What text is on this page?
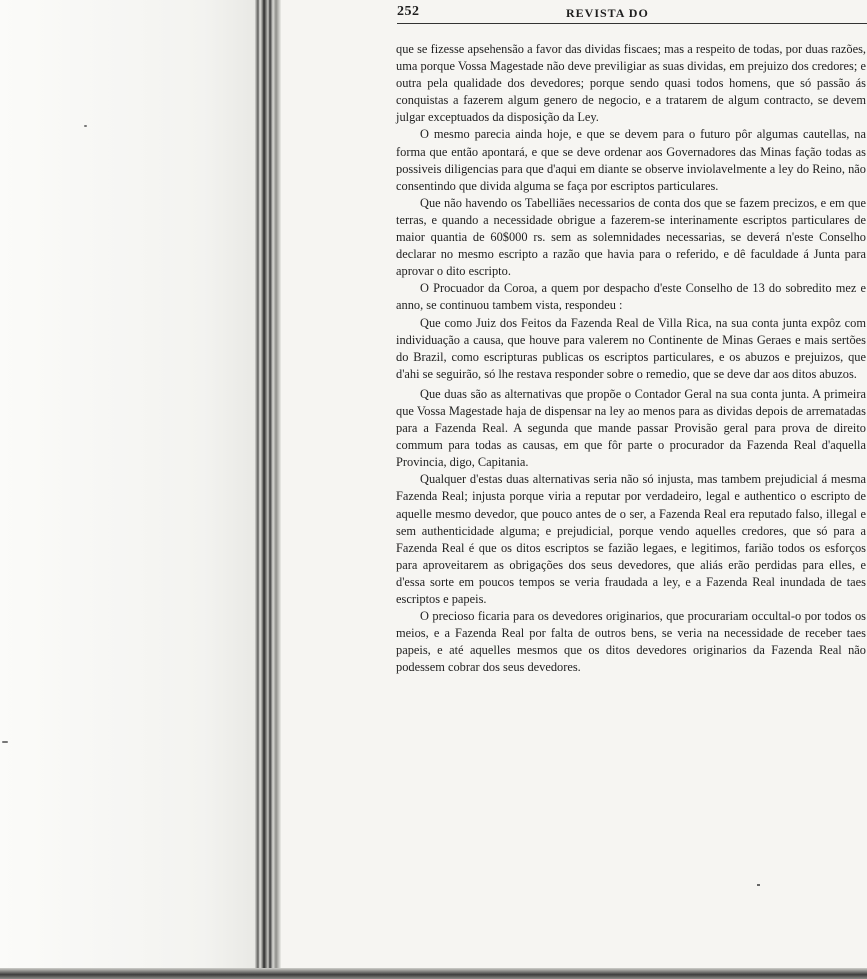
252	REVISTA DO

que se fizesse apsehensão a favor das dividas fiscaes; mas a respeito de todas, por duas razões, uma porque Vossa Magestade não deve previligiar as suas dividas, em prejuizo dos credores; e outra pela qualidade dos devedores; porque sendo quasi todos homens, que só passão ás conquistas a fazerem algum genero de negocio, e a tratarem de algum contracto, se devem julgar exceptuados da disposição da Ley.

O mesmo parecia ainda hoje, e que se devem para o futuro pôr algumas cautellas, na forma que então apontará, e que se deve ordenar aos Governadores das Minas fação todas as possiveis diligencias para que d'aqui em diante se observe inviolavelmente a ley do Reino, não consentindo que divida alguma se faça por escriptos particulares.

Que não havendo os Tabelliães necessarios de conta dos que se fazem precizos, e em que terras, e quando a necessidade obrigue a fazerem-se interinamente escriptos particulares de maior quantia de 60$000 rs. sem as solemnidades necessarias, se deverá n'este Conselho declarar no mesmo escripto a razão que havia para o referido, e dê faculdade á Junta para aprovar o dito escripto.

O Procuador da Coroa, a quem por despacho d'este Conselho de 13 do sobredito mez e anno, se continuou tambem vista, respondeu :

Que como Juiz dos Feitos da Fazenda Real de Villa Rica, na sua conta junta expôz com individuação a causa, que houve para valerem no Continente de Minas Geraes e mais sertões do Brazil, como escripturas publicas os escriptos particulares, e os abuzos e prejuizos, que d'ahi se seguirão, só lhe restava responder sobre o remedio, que se deve dar aos ditos abuzos.

Que duas são as alternativas que propõe o Contador Geral na sua conta junta. A primeira que Vossa Magestade haja de dispensar na ley ao menos para as dividas depois de arrematadas para a Fazenda Real. A segunda que mande passar Provisão geral para prova de direito commum para todas as causas, em que fôr parte o procurador da Fazenda Real d'aquella Provincia, digo, Capitania.

Qualquer d'estas duas alternativas seria não só injusta, mas tambem prejudicial á mesma Fazenda Real; injusta porque viria a reputar por verdadeiro, legal e authentico o escripto de aquelle mesmo devedor, que pouco antes de o ser, a Fazenda Real era reputado falso, illegal e sem authenticidade alguma; e prejudicial, porque vendo aquelles credores, que só para a Fazenda Real é que os ditos escriptos se fazião legaes, e legitimos, farião todos os esforços para aproveitarem as obrigações dos seus devedores, que aliás erão perdidas para elles, e d'essa sorte em poucos tempos se veria fraudada a ley, e a Fazenda Real inundada de taes escriptos e papeis.

O precioso ficaria para os devedores originarios, que procurariam occultal-o por todos os meios, e a Fazenda Real por falta de outros bens, se veria na necessidade de receber taes papeis, e até aquelles mesmos que os ditos devedores originarios da Fazenda Real não podessem cobrar dos seus devedores.
